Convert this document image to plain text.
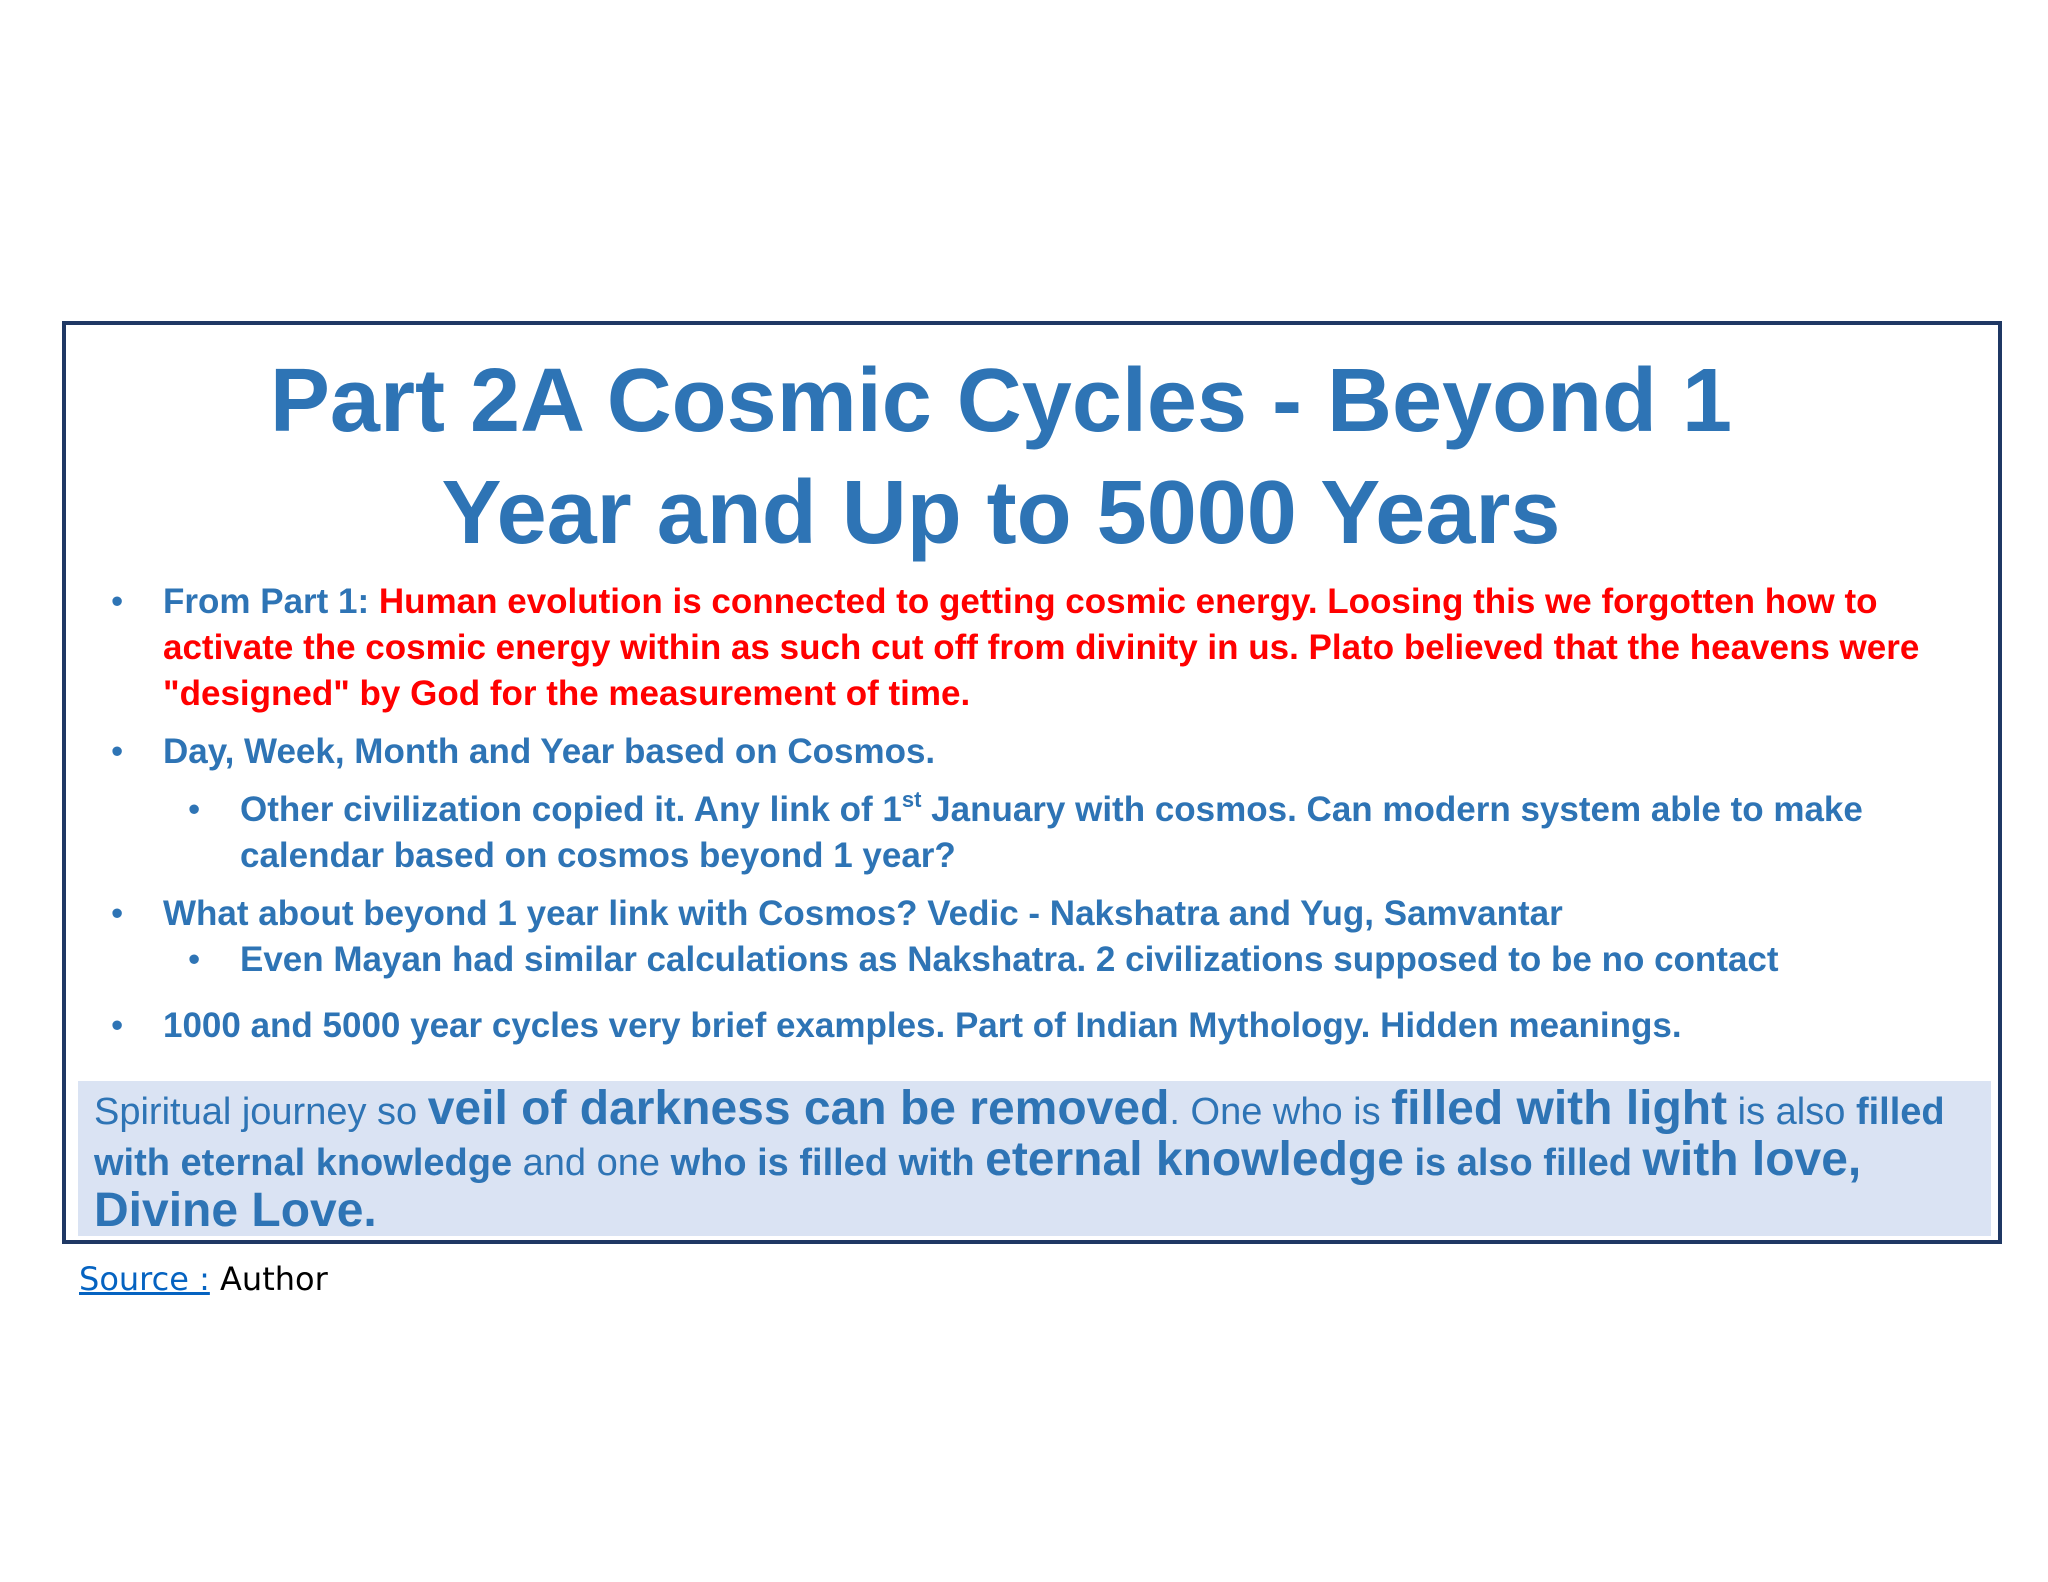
Part 2A Cosmic Cycles - Beyond 1
Year and Up to 5000 Years
• From Part 1: Human evolution is connected to getting cosmic energy. Loosing this we forgotten how to activate the cosmic energy within as such cut off from divinity in us. Plato believed that the heavens were "designed" by God for the measurement of time.
• Day, Week, Month and Year based on Cosmos.
• Other civilization copied it. Any link of 1st January with cosmos. Can modern system able to make calendar based on cosmos beyond 1 year?
• What about beyond 1 year link with Cosmos? Vedic - Nakshatra and Yug, Samvantar
• Even Mayan had similar calculations as Nakshatra. 2 civilizations supposed to be no contact
• 1000 and 5000 year cycles very brief examples. Part of Indian Mythology. Hidden meanings.
Spiritual journey so veil of darkness can be removed. One who is filled with light is also filled with eternal knowledge and one who is filled with eternal knowledge is also filled with love, Divine Love.
Source : Author
